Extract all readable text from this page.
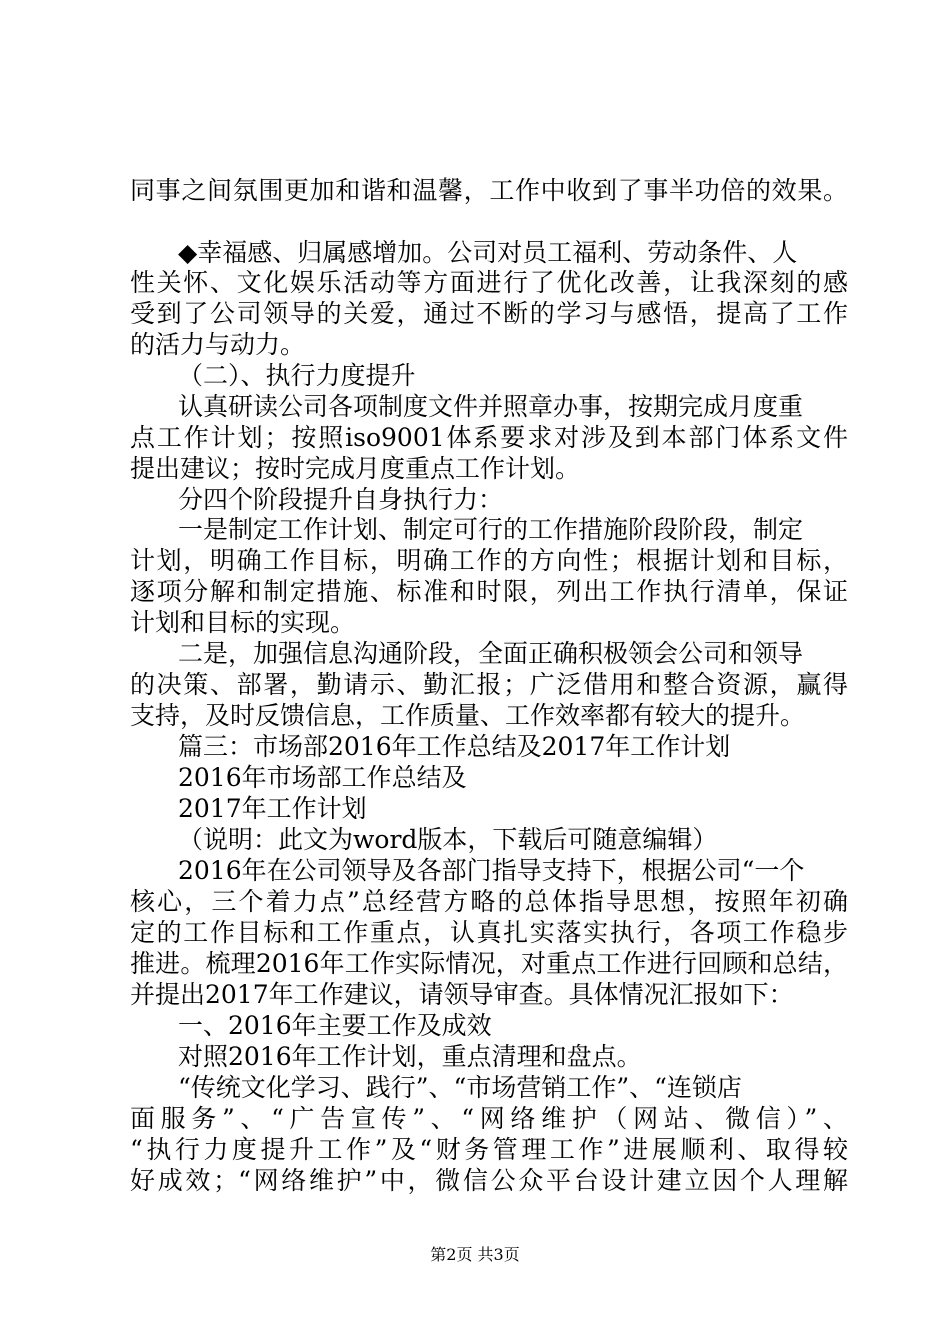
同事之间氛围更加和谐和温馨，工作中收到了事半功倍的效果。
◆幸福感、归属感增加。公司对员工福利、劳动条件、人
性关怀、文化娱乐活动等方面进行了优化改善，让我深刻的感
受到了公司领导的关爱，通过不断的学习与感悟，提高了工作
的活力与动力。
（二）、执行力度提升
认真研读公司各项制度文件并照章办事，按期完成月度重
点工作计划；按照iso9001体系要求对涉及到本部门体系文件
提出建议；按时完成月度重点工作计划。
分四个阶段提升自身执行力：
一是制定工作计划、制定可行的工作措施阶段阶段，制定
计划，明确工作目标，明确工作的方向性；根据计划和目标，
逐项分解和制定措施、标准和时限，列出工作执行清单，保证
计划和目标的实现。
二是，加强信息沟通阶段，全面正确积极领会公司和领导
的决策、部署，勤请示、勤汇报；广泛借用和整合资源，赢得
支持，及时反馈信息，工作质量、工作效率都有较大的提升。
篇三：市场部2016年工作总结及2017年工作计划
2016年市场部工作总结及
2017年工作计划
（说明：此文为word版本，下载后可随意编辑）
2016年在公司领导及各部门指导支持下，根据公司“一个
核心，三个着力点”总经营方略的总体指导思想，按照年初确
定的工作目标和工作重点，认真扎实落实执行，各项工作稳步
推进。梳理2016年工作实际情况，对重点工作进行回顾和总结，
并提出2017年工作建议，请领导审查。具体情况汇报如下：
一、2016年主要工作及成效
对照2016年工作计划，重点清理和盘点。
“传统文化学习、践行”、“市场营销工作”、“连锁店
面服务”、“广告宣传”、“网络维护（网站、微信）”、
“执行力度提升工作”及“财务管理工作”进展顺利、取得较
好成效；“网络维护”中，微信公众平台设计建立因个人理解
第2页 共3页
